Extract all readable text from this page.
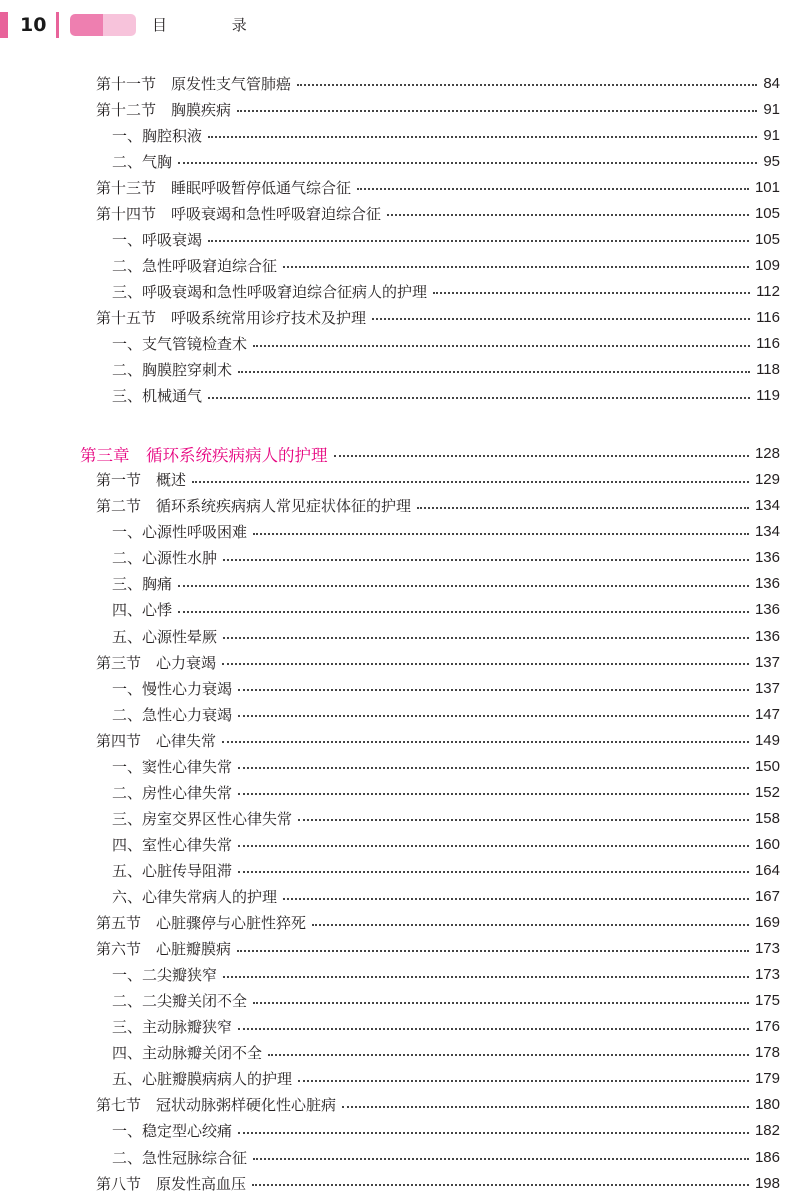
10	目 录
第十一节　原发性支气管肺癌	84
第十二节　胸膜疾病	91
一、胸腔积液	91
二、气胸	95
第十三节　睡眠呼吸暂停低通气综合征	101
第十四节　呼吸衰竭和急性呼吸窘迫综合征	105
一、呼吸衰竭	105
二、急性呼吸窘迫综合征	109
三、呼吸衰竭和急性呼吸窘迫综合征病人的护理	112
第十五节　呼吸系统常用诊疗技术及护理	116
一、支气管镜检查术	116
二、胸膜腔穿刺术	118
三、机械通气	119
第三章　循环系统疾病病人的护理	128
第一节　概述	129
第二节　循环系统疾病病人常见症状体征的护理	134
一、心源性呼吸困难	134
二、心源性水肿	136
三、胸痛	136
四、心悸	136
五、心源性晕厥	136
第三节　心力衰竭	137
一、慢性心力衰竭	137
二、急性心力衰竭	147
第四节　心律失常	149
一、窦性心律失常	150
二、房性心律失常	152
三、房室交界区性心律失常	158
四、室性心律失常	160
五、心脏传导阻滞	164
六、心律失常病人的护理	167
第五节　心脏骤停与心脏性猝死	169
第六节　心脏瓣膜病	173
一、二尖瓣狭窄	173
二、二尖瓣关闭不全	175
三、主动脉瓣狭窄	176
四、主动脉瓣关闭不全	178
五、心脏瓣膜病病人的护理	179
第七节　冠状动脉粥样硬化性心脏病	180
一、稳定型心绞痛	182
二、急性冠脉综合征	186
第八节　原发性高血压	198
